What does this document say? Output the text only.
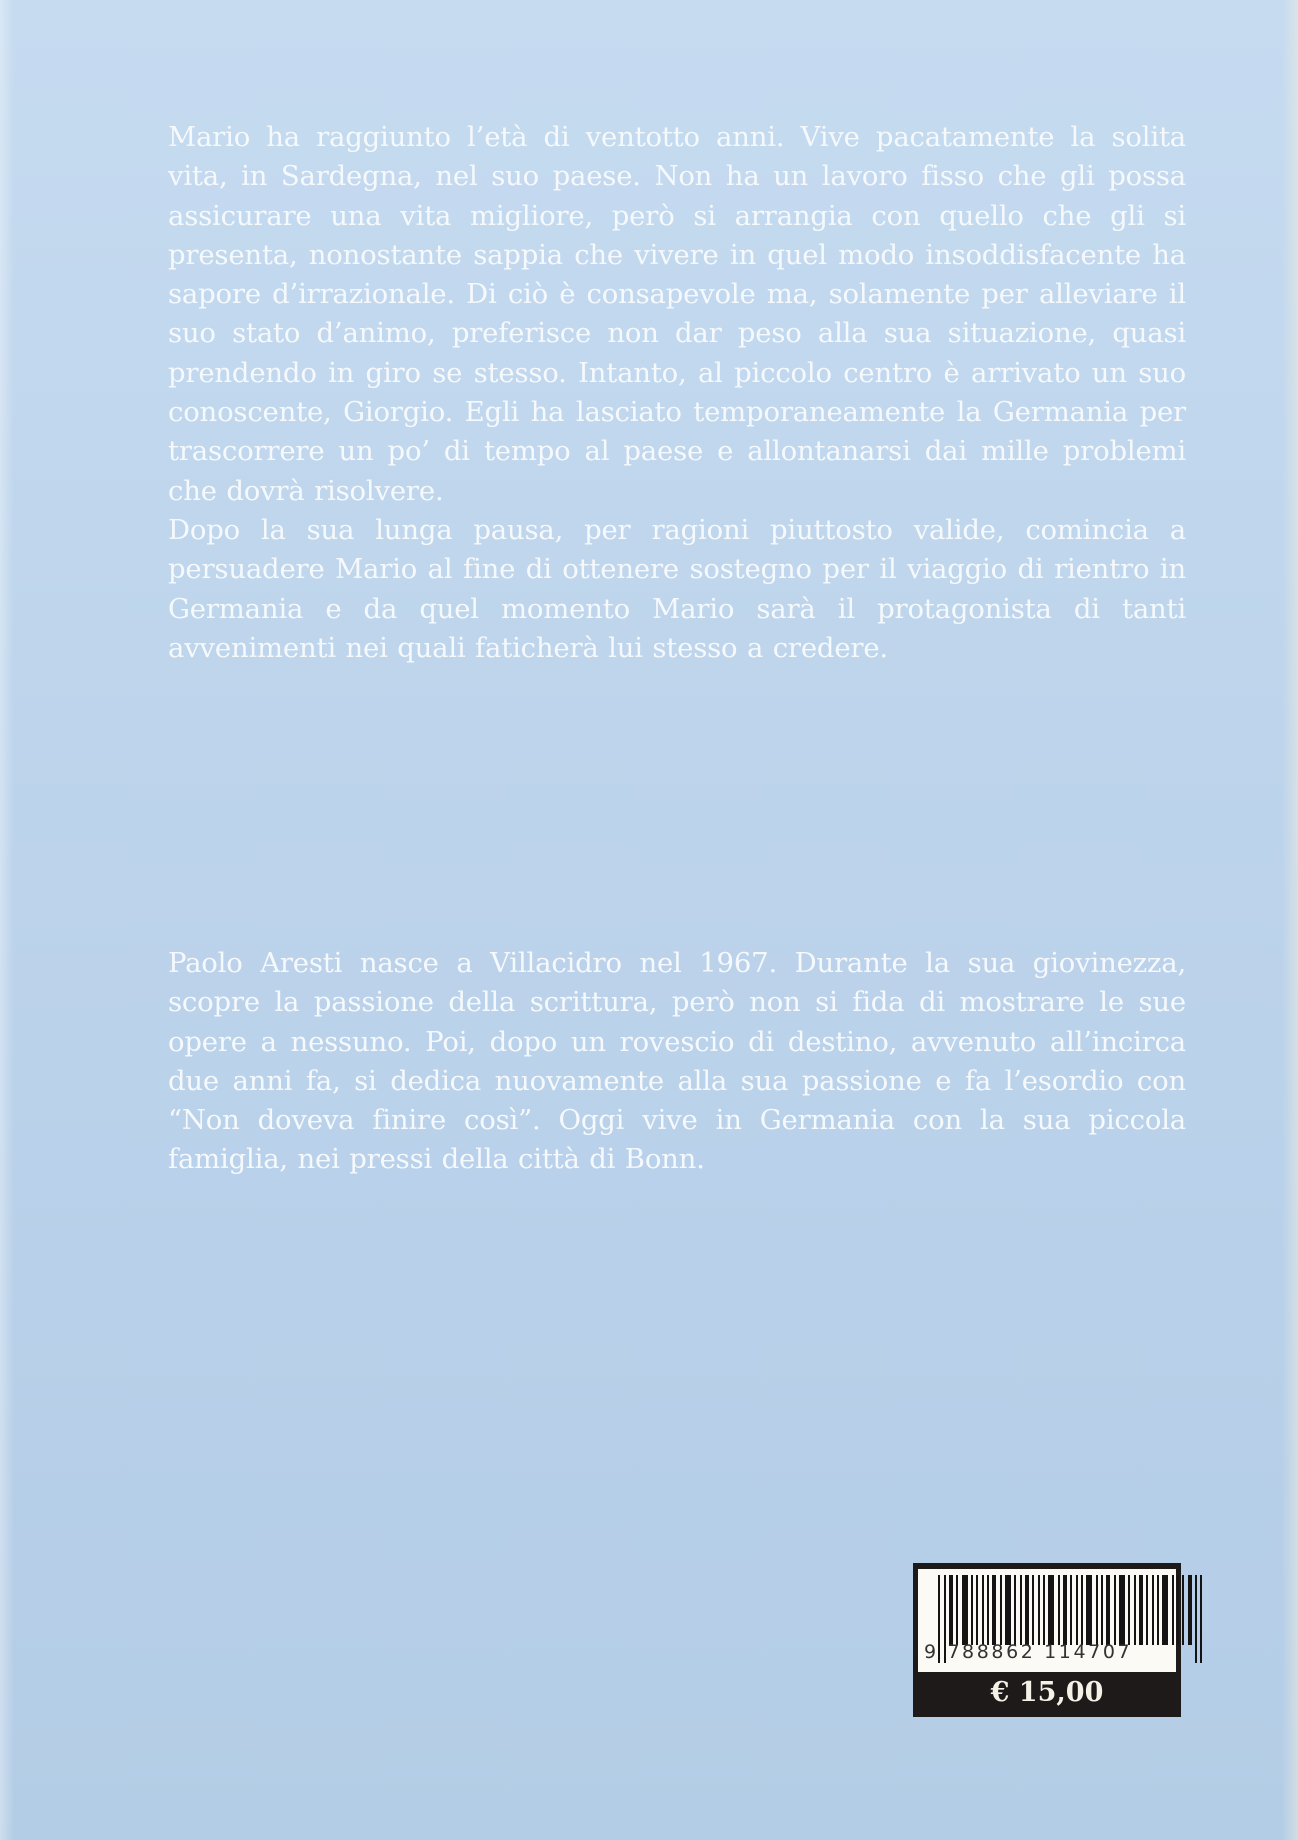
Mario ha raggiunto l’età di ventotto anni. Vive pacatamente la solita vita, in Sardegna, nel suo paese. Non ha un lavoro fisso che gli possa assicurare una vita migliore, però si arrangia con quello che gli si presenta, nonostante sappia che vivere in quel modo insoddisfacente ha sapore d’irrazionale. Di ciò è consapevole ma, solamente per alleviare il suo stato d’animo, preferisce non dar peso alla sua situazione, quasi prendendo in giro se stesso. Intanto, al piccolo centro è arrivato un suo conoscente, Giorgio. Egli ha lasciato temporaneamente la Germania per trascorrere un po’ di tempo al paese e allontanarsi dai mille problemi che dovrà risolvere.

Dopo la sua lunga pausa, per ragioni piuttosto valide, comincia a persuadere Mario al fine di ottenere sostegno per il viaggio di rientro in Germania e da quel momento Mario sarà il protagonista di tanti avvenimenti nei quali faticherà lui stesso a credere.

Paolo Aresti nasce a Villacidro nel 1967. Durante la sua giovinezza, scopre la passione della scrittura, però non si fida di mostrare le sue opere a nessuno. Poi, dopo un rovescio di destino, avvenuto all’incirca due anni fa, si dedica nuovamente alla sua passione e fa l’esordio con “Non doveva finire così”. Oggi vive in Germania con la sua piccola famiglia, nei pressi della città di Bonn.

9 788862 114707
€ 15,00
